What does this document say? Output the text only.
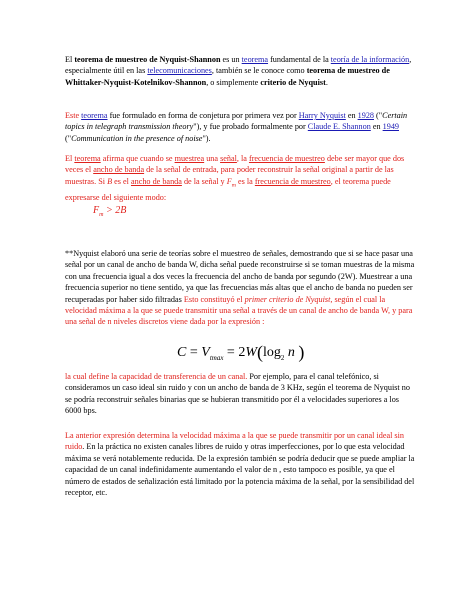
El teorema de muestreo de Nyquist-Shannon es un teorema fundamental de la teoría de la información, especialmente útil en las telecomunicaciones, también se le conoce como teorema de muestreo de Whittaker-Nyquist-Kotelnikov-Shannon, o simplemente criterio de Nyquist.

Este teorema fue formulado en forma de conjetura por primera vez por Harry Nyquist en 1928 ("Certain topics in telegraph transmission theory"), y fue probado formalmente por Claude E. Shannon en 1949 ("Communication in the presence of noise").

El teorema afirma que cuando se muestrea una señal, la frecuencia de muestreo debe ser mayor que dos veces el ancho de banda de la señal de entrada, para poder reconstruir la señal original a partir de las muestras. Si B es el ancho de banda de la señal y $F_m$ es la frecuencia de muestreo, el teorema puede expresarse del siguiente modo:

$F_m > 2B$

**Nyquist elaboró una serie de teorías sobre el muestreo de señales, demostrando que si se hace pasar una señal por un canal de ancho de banda W, dicha señal puede reconstruirse si se toman muestras de la misma con una frecuencia igual a dos veces la frecuencia del ancho de banda por segundo (2W). Muestrear a una frecuencia superior no tiene sentido, ya que las frecuencias más altas que el ancho de banda no pueden ser recuperadas por haber sido filtradas Esto constituyó el primer criterio de Nyquist, según el cual la velocidad máxima a la que se puede transmitir una señal a través de un canal de ancho de banda W, y para una señal de n niveles discretos viene dada por la expresión :

$C = V_{tmax} = 2W(\log_2$ n )

la cual define la capacidad de transferencia de un canal. Por ejemplo, para el canal telefónico, si consideramos un caso ideal sin ruido y con un ancho de banda de 3 KHz, según el teorema de Nyquist no se podría reconstruir señales binarias que se hubieran transmitido por él a velocidades superiores a los 6000 bps.

La anterior expresión determina la velocidad máxima a la que se puede transmitir por un canal ideal sin ruido. En la práctica no existen canales libres de ruido y otras imperfecciones, por lo que esta velocidad máxima se verá notablemente reducida. De la expresión también se podría deducir que se puede ampliar la capacidad de un canal indefinidamente aumentando el valor de n , esto tampoco es posible, ya que el número de estados de señalización está limitado por la potencia máxima de la señal, por la sensibilidad del receptor, etc.
